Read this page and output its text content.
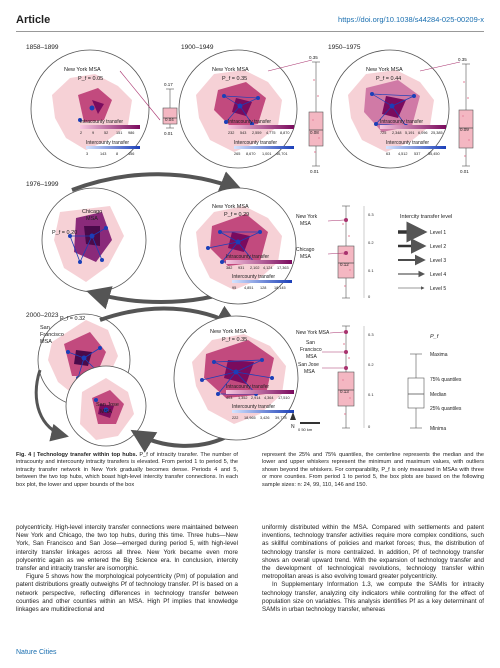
Article	https://doi.org/10.1038/s44284-025-00209-x
1858–1899	1900–1949	1950–1975
New York MSA
P_f = 0.05
Intracounty transfer
2	9	52 151 986
Intercounty transfer
3	143	8	456
0.17
0.04
0.01
New York MSA
P_f = 0.35
Intracounty transfer
232 543 2,559 4,775 8,870
Intercounty transfer
265 8,670 1,001 46,701
0.35
0.08
0.01
New York MSA
P_f = 0.44
Intracounty transfer
725 2,348 5,191 6,096 25,385
Intercounty transfer
63 4,512 537 35,450
0.35
0.09
0.01
1976–1999
Chicago
MSA
P_f = 0.20
New York MSA
P_f = 0.29
Intracounty transfer
382 931 2,102 4,124 17,363
Intercounty transfer
95 4,851 128 18,145
New York
MSA
Chicago
MSA
0.12
0.3
0.2
0.1
0
Intercity transfer level
Level 1
Level 2
Level 3
Level 4
Level 5
2000–2023 P_f = 0.32
San
Francisco
MSA
San Jose
MSA
New York MSA
P_f = 0.35
Intracounty transfer
403 1,352 2,914 4,364 17,510
Intercounty transfer
222 18,965 3,426 39,778
N 0 50 km
New York MSA
San
Francisco
MSA
San Jose
MSA
0.13
0.3
0.2
0.1
0
P_f
Maxima
75% quantiles
Median
25% quantiles
Minima
Fig. 4 | Technology transfer within top hubs. P_f of intracity transfer. The number of intracounty and intercounty intracity transfers is elevated. From period 1 to period 5, the intracity transfer network in New York gradually becomes dense. Periods 4 and 5, between the two top hubs, which boast high-level intercity transfer connections. In each box plot, the lower and upper bounds of the box
represent the 25% and 75% quantiles, the centerline represents the median and the lower and upper whiskers represent the minimum and maximum values, with outliers shown beyond the whiskers. For comparability, P_f is only measured in MSAs with three or more counties. From period 1 to period 5, the box plots are based on the following sample sizes: n: 24, 99, 110, 146 and 150.

polycentricity. High-level intercity transfer connections were maintained between New York and Chicago, the two top hubs, during this time. Three hubs—New York, San Francisco and San Jose—emerged during period 5, with high-level intercity transfer linkages across all three. New York became even more polycentric again as we entered the Big Science era. In conclusion, intercity transfer and intracity transfer are isomorphic.

Figure 5 shows how the morphological polycentricity (Pm) of population and patent distributions greatly outweighs Pf of technology transfer. Pf is based on a network perspective, reflecting differences in technology transfer between counties and other counties within an MSA. High Pf implies that knowledge linkages are multidirectional and

uniformly distributed within the MSA. Compared with settlements and patent inventions, technology transfer activities require more complex conditions, such as skillful combinations of policies and market forces; thus, the distribution of technology transfer is more centralized. In addition, Pf of technology transfer shows an overall upward trend. With the expansion of technology transfer and the development of technological revolutions, technology transfer within metropolitan areas is also evolving toward greater polycentricity.

In Supplementary Information 1.3, we compute the SAMIs for intracity technology transfer, analyzing city indicators while controlling for the effect of population size on variables. This analysis identifies Pf as a key determinant of SAMIs in urban technology transfer, whereas

Nature Cities
